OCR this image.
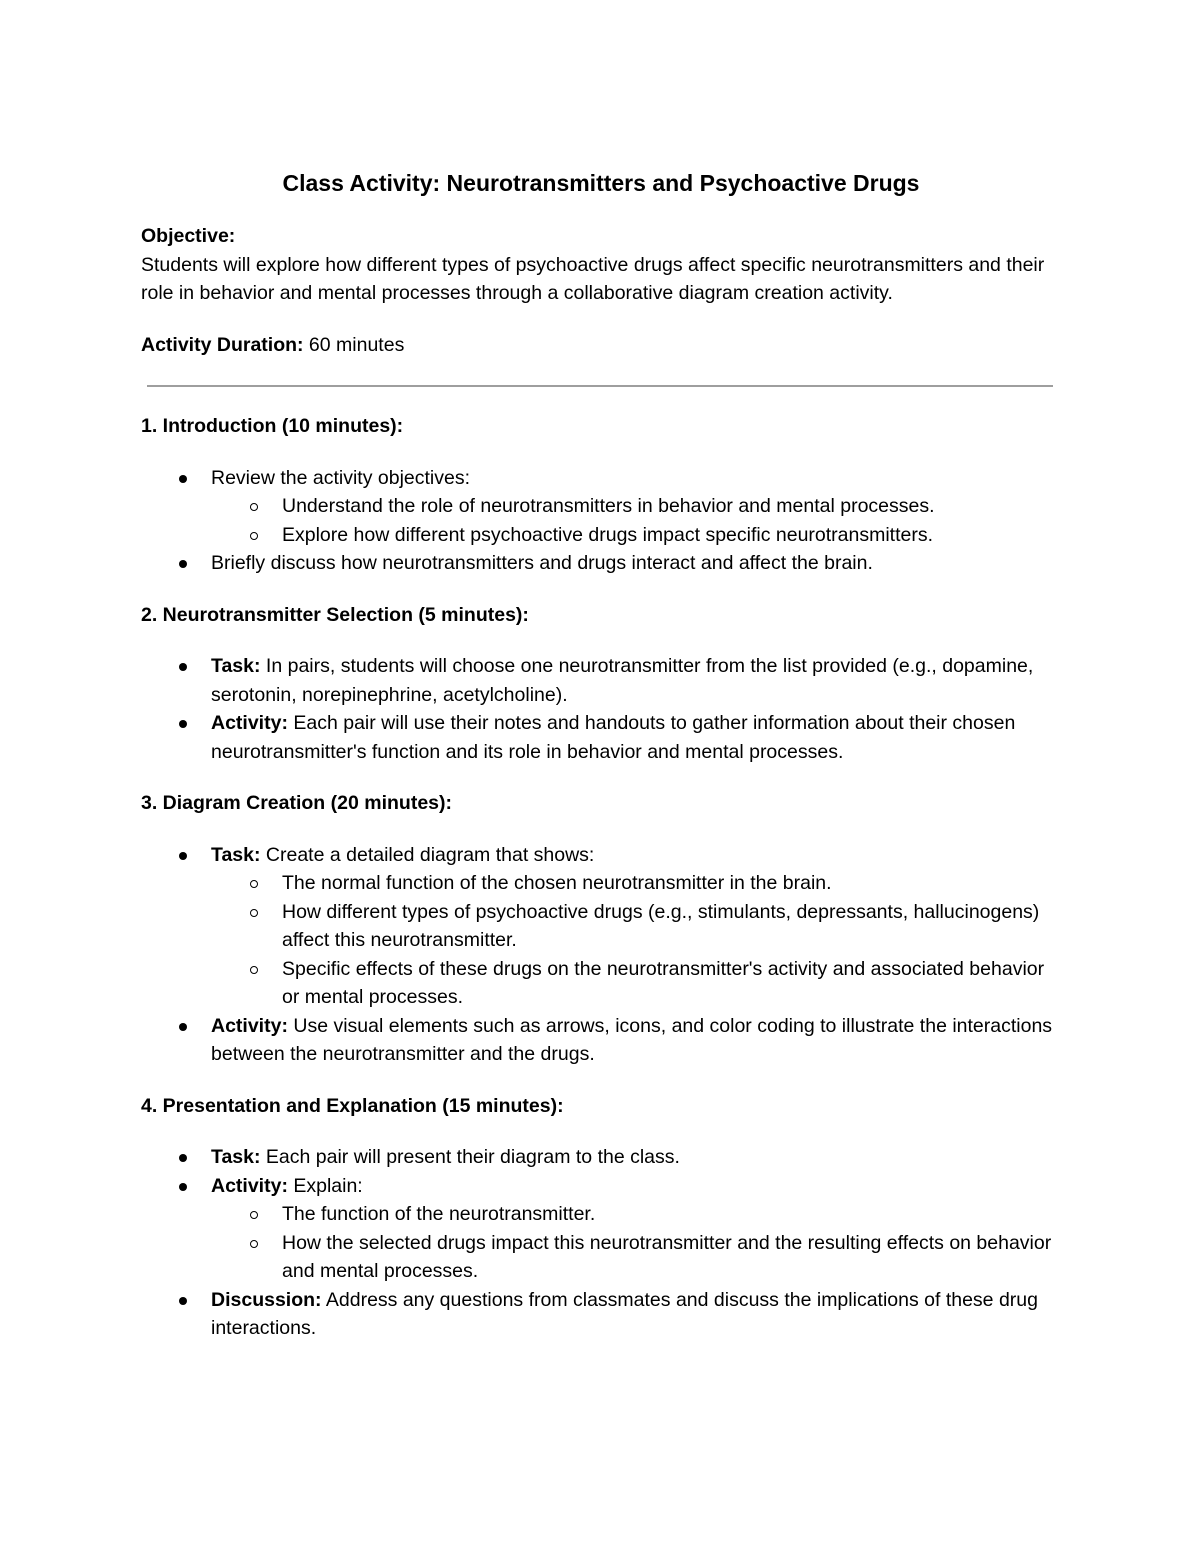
Class Activity: Neurotransmitters and Psychoactive Drugs
Objective:
Students will explore how different types of psychoactive drugs affect specific neurotransmitters and their role in behavior and mental processes through a collaborative diagram creation activity.
Activity Duration: 60 minutes
1. Introduction (10 minutes):
Review the activity objectives:
Understand the role of neurotransmitters in behavior and mental processes.
Explore how different psychoactive drugs impact specific neurotransmitters.
Briefly discuss how neurotransmitters and drugs interact and affect the brain.
2. Neurotransmitter Selection (5 minutes):
Task: In pairs, students will choose one neurotransmitter from the list provided (e.g., dopamine, serotonin, norepinephrine, acetylcholine).
Activity: Each pair will use their notes and handouts to gather information about their chosen neurotransmitter's function and its role in behavior and mental processes.
3. Diagram Creation (20 minutes):
Task: Create a detailed diagram that shows:
The normal function of the chosen neurotransmitter in the brain.
How different types of psychoactive drugs (e.g., stimulants, depressants, hallucinogens) affect this neurotransmitter.
Specific effects of these drugs on the neurotransmitter's activity and associated behavior or mental processes.
Activity: Use visual elements such as arrows, icons, and color coding to illustrate the interactions between the neurotransmitter and the drugs.
4. Presentation and Explanation (15 minutes):
Task: Each pair will present their diagram to the class.
Activity: Explain:
The function of the neurotransmitter.
How the selected drugs impact this neurotransmitter and the resulting effects on behavior and mental processes.
Discussion: Address any questions from classmates and discuss the implications of these drug interactions.
